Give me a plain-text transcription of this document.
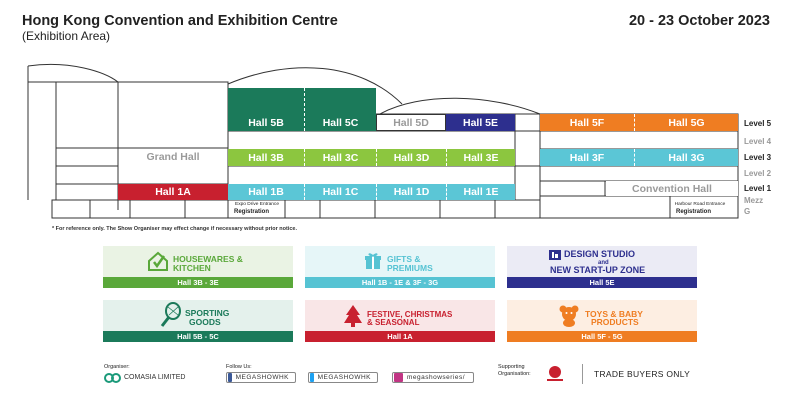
Hong Kong Convention and Exhibition Centre
(Exhibition Area)
20 - 23 October 2023
Hall 5B	Hall 5C	Hall 5D	Hall 5E	Hall 5F	Hall 5G
Grand Hall	Hall 3B	Hall 3C	Hall 3D	Hall 3E	Hall 3F	Hall 3G
Hall 1A	Hall 1B	Hall 1C	Hall 1D	Hall 1E	Convention Hall
Expo Drive Entrance
Registration
Harbour Road Entrance
Registration
Level 5
Level 4
Level 3
Level 2
Level 1
Mezz
G
* For reference only. The Show Organiser may effect change if necessary without prior notice.
HOUSEWARES &
KITCHEN
Hall 3B - 3E
GIFTS &
PREMIUMS
Hall 1B - 1E & 3F - 3G
DESIGN STUDIO
and
NEW START-UP ZONE
Hall 5E
SPORTING
GOODS
Hall 5B - 5C
FESTIVE, CHRISTMAS
& SEASONAL
Hall 1A
TOYS & BABY
PRODUCTS
Hall 5F - 5G
Organiser:
COMASIA LIMITED
Follow Us:
MEGASHOWHK	MEGASHOWHK	megashowseries/
Supporting
Organisation:	TRADE BUYERS ONLY
